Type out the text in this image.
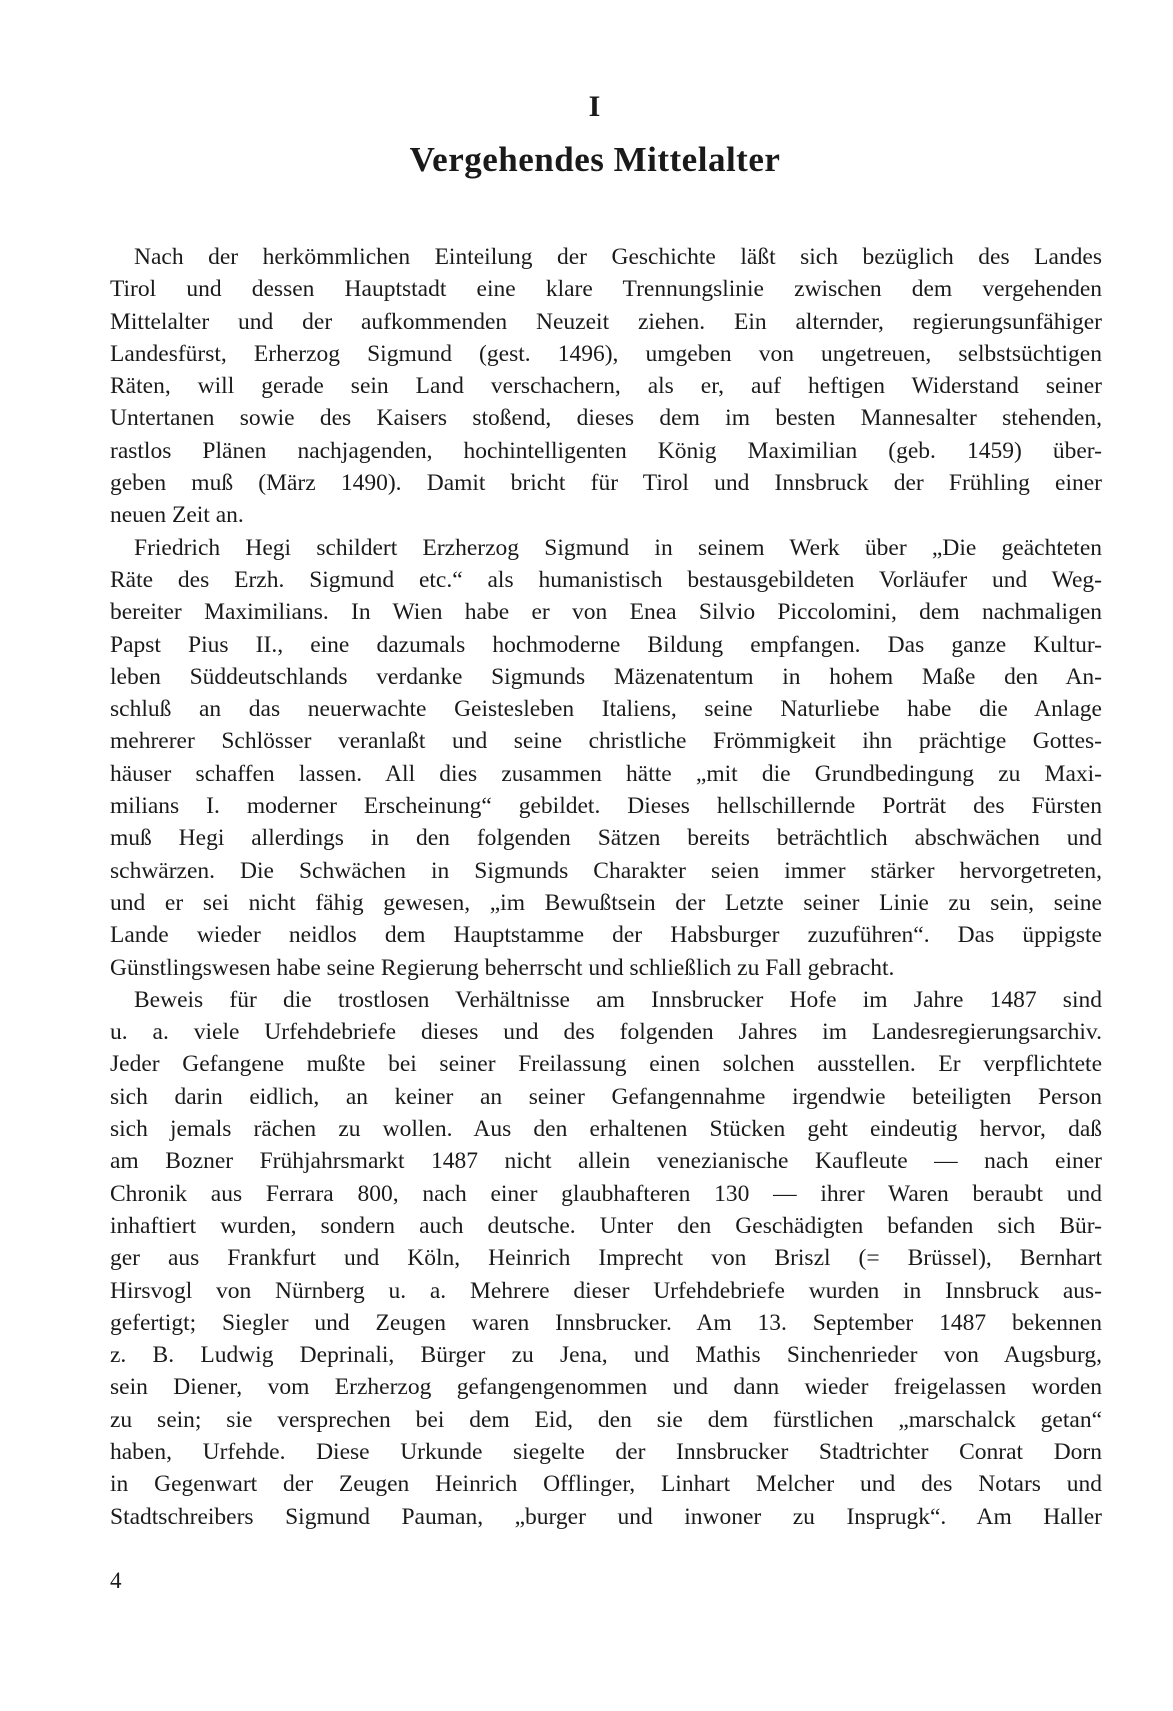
I
Vergehendes Mittelalter

Nach der herkömmlichen Einteilung der Geschichte läßt sich bezüglich des Landes
Tirol und dessen Hauptstadt eine klare Trennungslinie zwischen dem vergehenden
Mittelalter und der aufkommenden Neuzeit ziehen. Ein alternder, regierungsunfähiger
Landesfürst, Erherzog Sigmund (gest. 1496), umgeben von ungetreuen, selbstsüchtigen
Räten, will gerade sein Land verschachern, als er, auf heftigen Widerstand seiner
Untertanen sowie des Kaisers stoßend, dieses dem im besten Mannesalter stehenden,
rastlos Plänen nachjagenden, hochintelligenten König Maximilian (geb. 1459) über-
geben muß (März 1490). Damit bricht für Tirol und Innsbruck der Frühling einer
neuen Zeit an.

Friedrich Hegi schildert Erzherzog Sigmund in seinem Werk über „Die geächteten
Räte des Erzh. Sigmund etc.“ als humanistisch bestausgebildeten Vorläufer und Weg-
bereiter Maximilians. In Wien habe er von Enea Silvio Piccolomini, dem nachmaligen
Papst Pius II., eine dazumals hochmoderne Bildung empfangen. Das ganze Kultur-
leben Süddeutschlands verdanke Sigmunds Mäzenatentum in hohem Maße den An-
schluß an das neuerwachte Geistesleben Italiens, seine Naturliebe habe die Anlage
mehrerer Schlösser veranlaßt und seine christliche Frömmigkeit ihn prächtige Gottes-
häuser schaffen lassen. All dies zusammen hätte „mit die Grundbedingung zu Maxi-
milians I. moderner Erscheinung“ gebildet. Dieses hellschillernde Porträt des Fürsten
muß Hegi allerdings in den folgenden Sätzen bereits beträchtlich abschwächen und
schwärzen. Die Schwächen in Sigmunds Charakter seien immer stärker hervorgetreten,
und er sei nicht fähig gewesen, „im Bewußtsein der Letzte seiner Linie zu sein, seine
Lande wieder neidlos dem Hauptstamme der Habsburger zuzuführen“. Das üppigste
Günstlingswesen habe seine Regierung beherrscht und schließlich zu Fall gebracht.

Beweis für die trostlosen Verhältnisse am Innsbrucker Hofe im Jahre 1487 sind
u. a. viele Urfehdebriefe dieses und des folgenden Jahres im Landesregierungsarchiv.
Jeder Gefangene mußte bei seiner Freilassung einen solchen ausstellen. Er verpflichtete
sich darin eidlich, an keiner an seiner Gefangennahme irgendwie beteiligten Person
sich jemals rächen zu wollen. Aus den erhaltenen Stücken geht eindeutig hervor, daß
am Bozner Frühjahrsmarkt 1487 nicht allein venezianische Kaufleute — nach einer
Chronik aus Ferrara 800, nach einer glaubhafteren 130 — ihrer Waren beraubt und
inhaftiert wurden, sondern auch deutsche. Unter den Geschädigten befanden sich Bür-
ger aus Frankfurt und Köln, Heinrich Imprecht von Briszl (= Brüssel), Bernhart
Hirsvogl von Nürnberg u. a. Mehrere dieser Urfehdebriefe wurden in Innsbruck aus-
gefertigt; Siegler und Zeugen waren Innsbrucker. Am 13. September 1487 bekennen
z. B. Ludwig Deprinali, Bürger zu Jena, und Mathis Sinchenrieder von Augsburg,
sein Diener, vom Erzherzog gefangengenommen und dann wieder freigelassen worden
zu sein; sie versprechen bei dem Eid, den sie dem fürstlichen „marschalck getan“
haben, Urfehde. Diese Urkunde siegelte der Innsbrucker Stadtrichter Conrat Dorn
in Gegenwart der Zeugen Heinrich Offlinger, Linhart Melcher und des Notars und
Stadtschreibers Sigmund Pauman, „burger und inwoner zu Insprugk“. Am Haller

4
